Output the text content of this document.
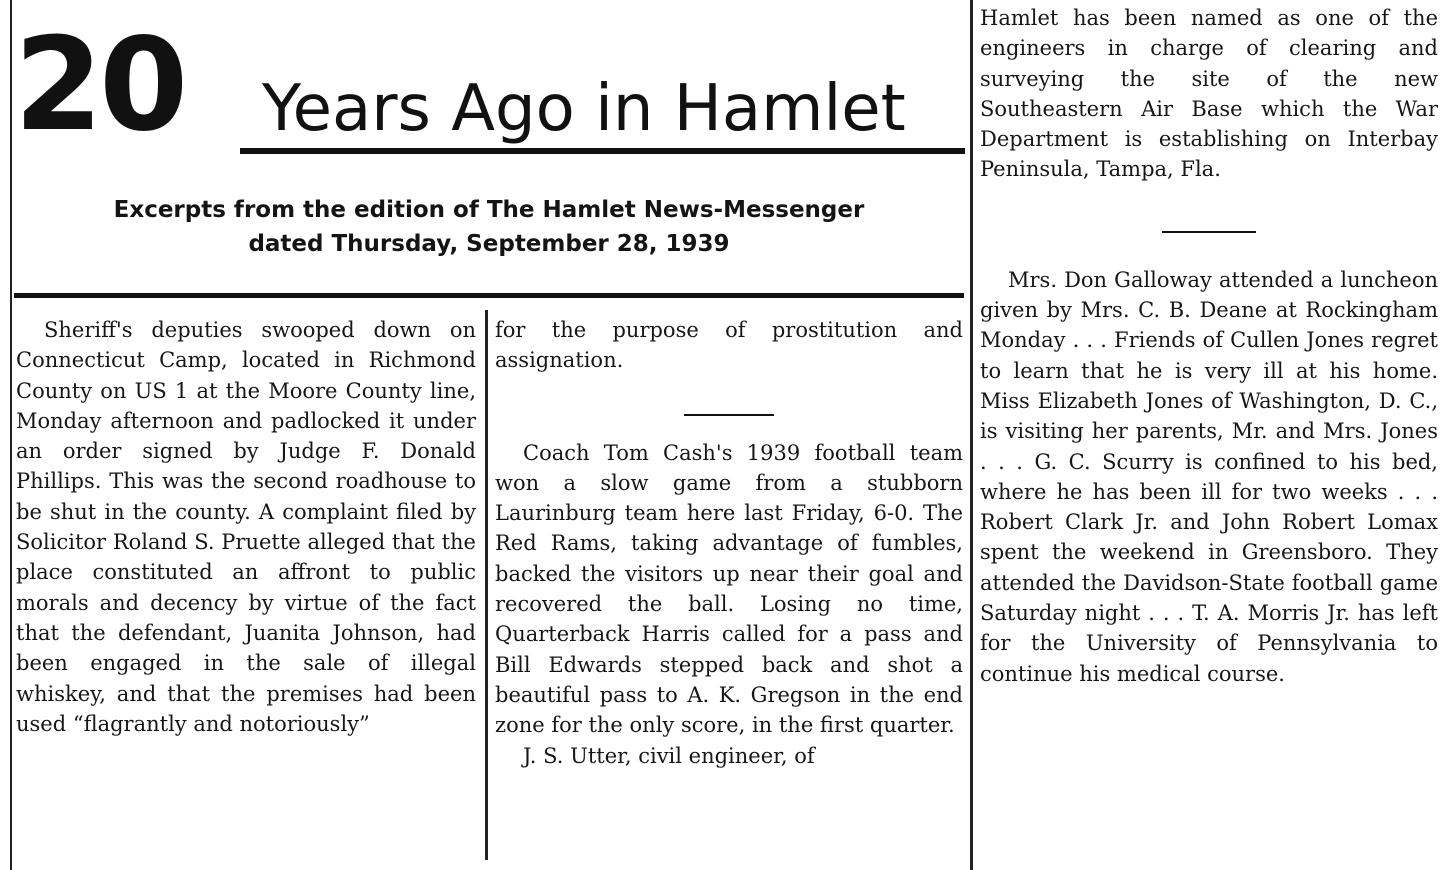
20 Years Ago in Hamlet
Excerpts from the edition of The Hamlet News-Messenger
dated Thursday, September 28, 1939

Sheriff's deputies swooped down on Connecticut Camp, located in Richmond County on US 1 at the Moore County line, Monday afternoon and padlocked it under an order signed by Judge F. Donald Phillips. This was the second roadhouse to be shut in the county. A complaint filed by Solicitor Roland S. Pruette alleged that the place constituted an affront to public morals and decency by virtue of the fact that the defendant, Juanita Johnson, had been engaged in the sale of illegal whiskey, and that the premises had been used “flagrantly and notoriously”

for the purpose of prostitution and assignation.

Coach Tom Cash's 1939 football team won a slow game from a stubborn Laurinburg team here last Friday, 6-0. The Red Rams, taking advantage of fumbles, backed the visitors up near their goal and recovered the ball. Losing no time, Quarterback Harris called for a pass and Bill Edwards stepped back and shot a beautiful pass to A. K. Gregson in the end zone for the only score, in the first quarter.

J. S. Utter, civil engineer, of

Hamlet has been named as one of the engineers in charge of clearing and surveying the site of the new Southeastern Air Base which the War Department is establishing on Interbay Peninsula, Tampa, Fla.

Mrs. Don Galloway attended a luncheon given by Mrs. C. B. Deane at Rockingham Monday . . . Friends of Cullen Jones regret to learn that he is very ill at his home. Miss Elizabeth Jones of Washington, D. C., is visiting her parents, Mr. and Mrs. Jones . . . G. C. Scurry is confined to his bed, where he has been ill for two weeks . . . Robert Clark Jr. and John Robert Lomax spent the weekend in Greensboro. They attended the Davidson-State football game Saturday night . . . T. A. Morris Jr. has left for the University of Pennsylvania to continue his medical course.
